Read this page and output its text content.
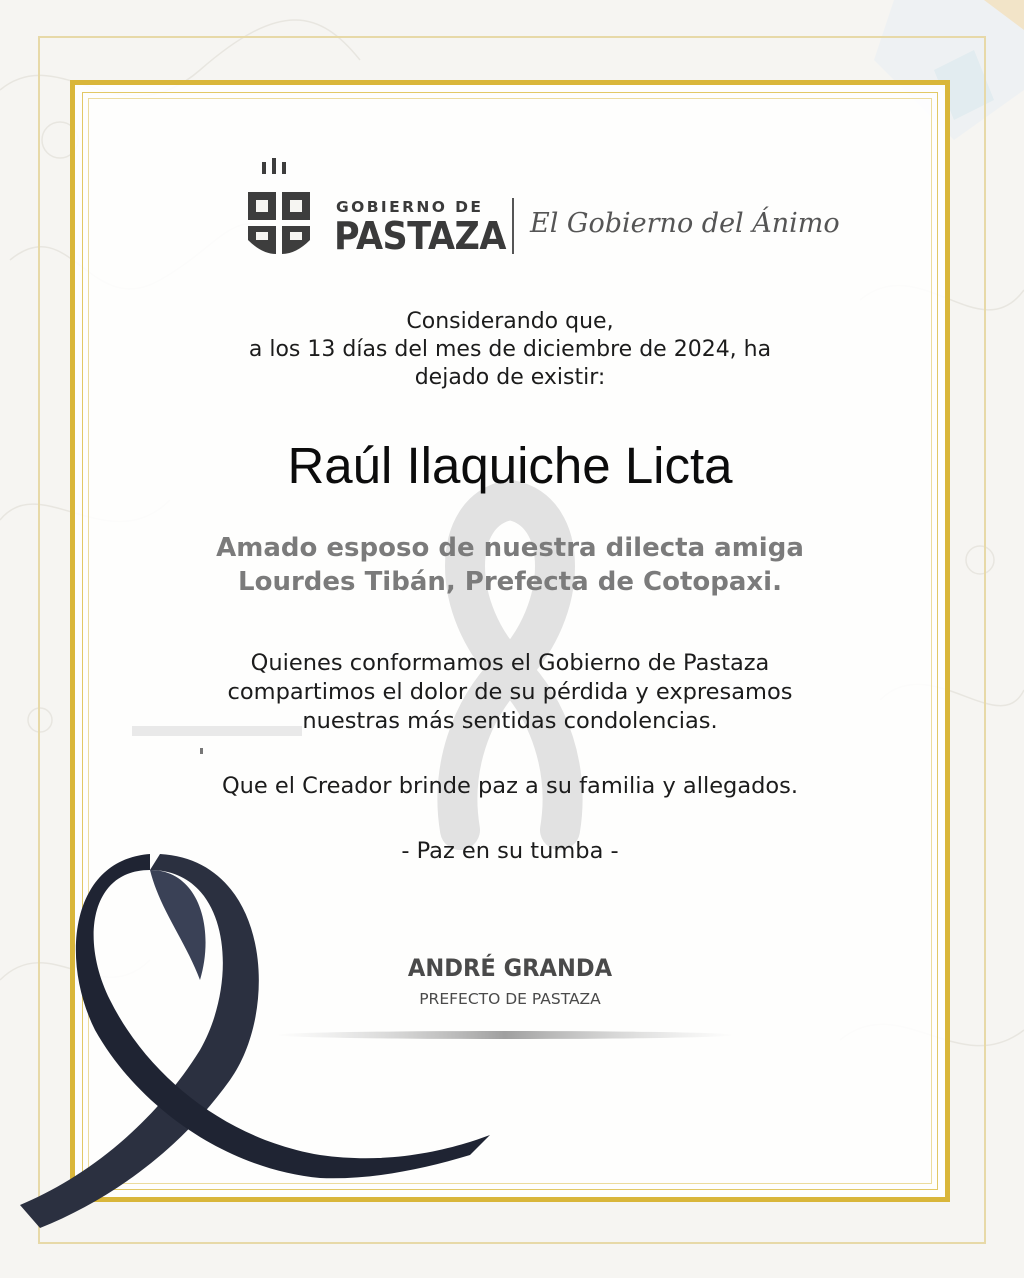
GOBIERNO DE
PASTAZA El Gobierno del Ánimo
Considerando que,
a los 13 días del mes de diciembre de 2024, ha
dejado de existir:
Raúl Ilaquiche Licta
Amado esposo de nuestra dilecta amiga
Lourdes Tibán, Prefecta de Cotopaxi.
Quienes conformamos el Gobierno de Pastaza
compartimos el dolor de su pérdida y expresamos
nuestras más sentidas condolencias.
Que el Creador brinde paz a su familia y allegados.
- Paz en su tumba -
ANDRÉ GRANDA
PREFECTO DE PASTAZA
